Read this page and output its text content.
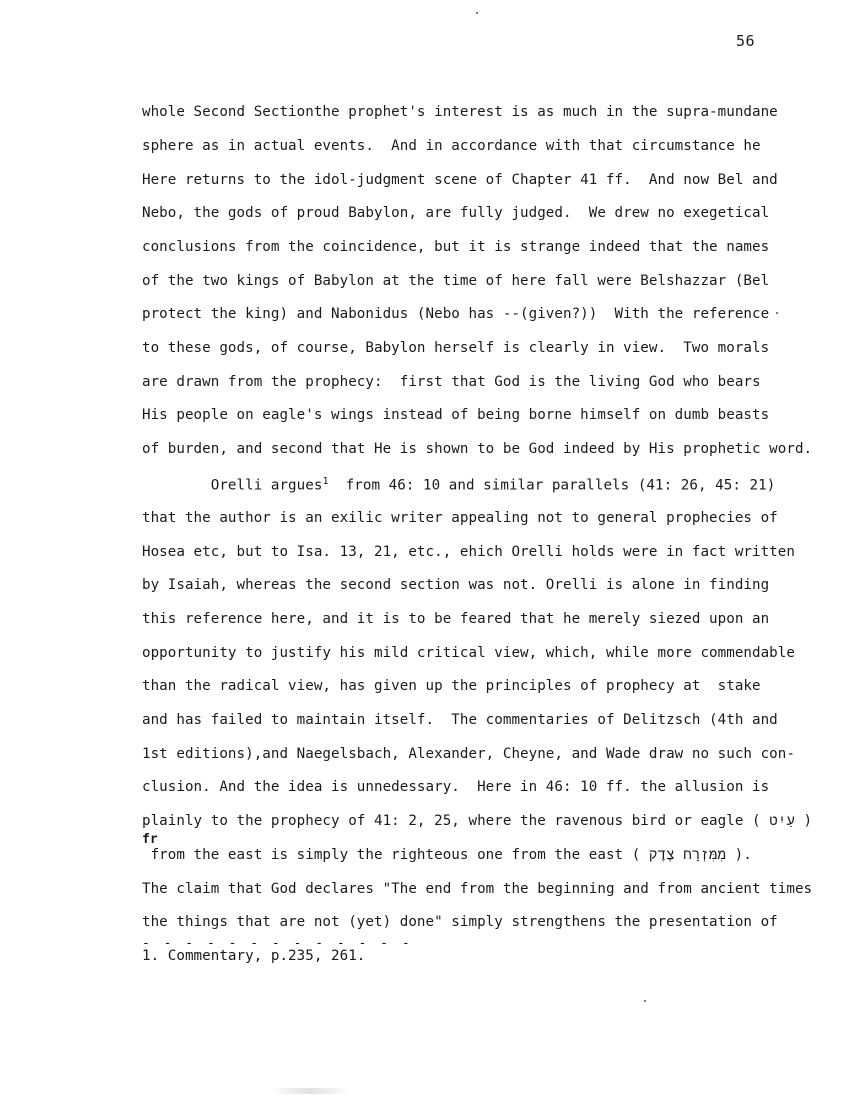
56
whole Second Sectionthe prophet's interest is as much in the supra-mundane
sphere as in actual events.  And in accordance with that circumstance he
Here returns to the idol-judgment scene of Chapter 41 ff.  And now Bel and
Nebo, the gods of proud Babylon, are fully judged.  We drew no exegetical
conclusions from the coincidence, but it is strange indeed that the names
of the two kings of Babylon at the time of here fall were Belshazzar (Bel
protect the king) and Nabonidus (Nebo has --(given?))  With the reference
to these gods, of course, Babylon herself is clearly in view.  Two morals
are drawn from the prophecy:  first that God is the living God who bears
His people on eagle's wings instead of being borne himself on dumb beasts
of burden, and second that He is shown to be God indeed by His prophetic word.
Orelli argues$^1$ from 46: 10 and similar parallels (41: 26, 45: 21)
that the author is an exilic writer appealing not to general prophecies of
Hosea etc, but to Isa. 13, 21, etc., ehich Orelli holds were in fact written
by Isaiah, whereas the second section was not. Orelli is alone in finding
this reference here, and it is to be feared that he merely siezed upon an
opportunity to justify his mild critical view, which, while more commendable
than the radical view, has given up the principles of prophecy at  stake
and has failed to maintain itself.  The commentaries of Delitzsch (4th and
1st editions),and Naegelsbach, Alexander, Cheyne, and Wade draw no such con-
clusion. And the idea is unnedessary.  Here in 46: 10 ff. the allusion is
plainly to the prophecy of 41: 2, 25, where the ravenous bird or eagle ( עַיִט )
fr
from the east is simply the righteous one from the east ( מִמִּזְרָח צֶדֶק ).
The claim that God declares "The end from the beginning and from ancient times
the things that are not (yet) done" simply strengthens the presentation of
- - - - - - - - - - - - -
1. Commentary, p.235, 261.
